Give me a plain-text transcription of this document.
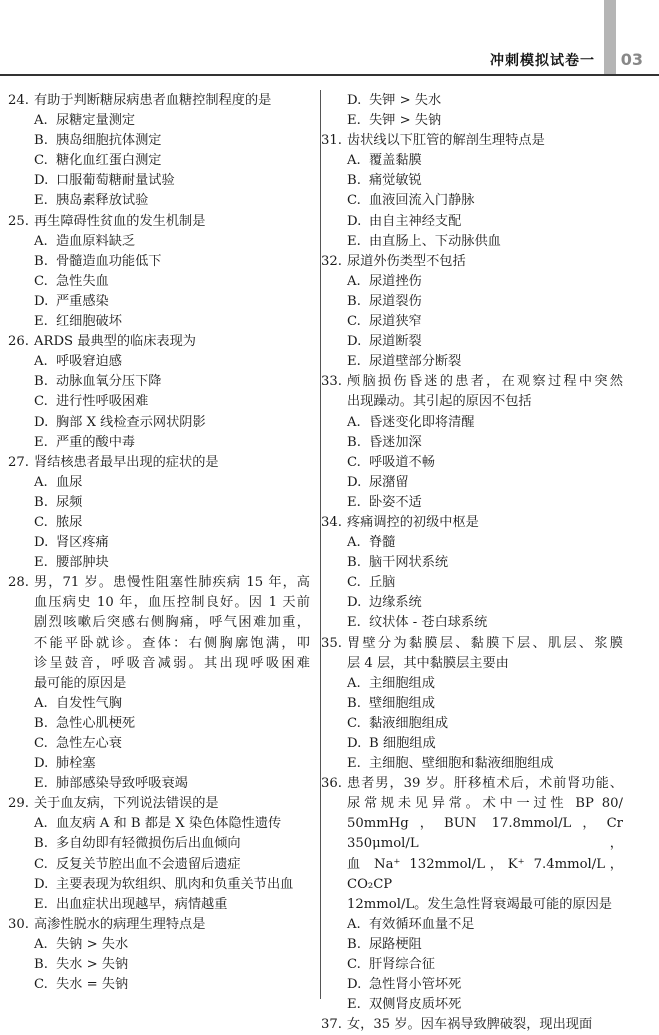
冲刺模拟试卷一 03
24. 有助于判断糖尿病患者血糖控制程度的是
A. 尿糖定量测定
B. 胰岛细胞抗体测定
C. 糖化血红蛋白测定
D. 口服葡萄糖耐量试验
E. 胰岛素释放试验
25. 再生障碍性贫血的发生机制是
A. 造血原料缺乏
B. 骨髓造血功能低下
C. 急性失血
D. 严重感染
E. 红细胞破坏
26. ARDS 最典型的临床表现为
A. 呼吸窘迫感
B. 动脉血氧分压下降
C. 进行性呼吸困难
D. 胸部 X 线检查示网状阴影
E. 严重的酸中毒
27. 肾结核患者最早出现的症状的是
A. 血尿
B. 尿频
C. 脓尿
D. 肾区疼痛
E. 腰部肿块
28. 男，71 岁。患慢性阻塞性肺疾病 15 年，高
血压病史 10 年，血压控制良好。因 1 天前
剧烈咳嗽后突感右侧胸痛，呼气困难加重，
不能平卧就诊。查体：右侧胸廓饱满，叩
诊呈鼓音，呼吸音减弱。其出现呼吸困难
最可能的原因是
A. 自发性气胸
B. 急性心肌梗死
C. 急性左心衰
D. 肺栓塞
E. 肺部感染导致呼吸衰竭
29. 关于血友病，下列说法错误的是
A. 血友病 A 和 B 都是 X 染色体隐性遗传
B. 多自幼即有轻微损伤后出血倾向
C. 反复关节腔出血不会遗留后遗症
D. 主要表现为软组织、肌肉和负重关节出血
E. 出血症状出现越早，病情越重
30. 高渗性脱水的病理生理特点是
A. 失钠 > 失水
B. 失水 > 失钠
C. 失水 = 失钠
D. 失钾 > 失水
E. 失钾 > 失钠
31. 齿状线以下肛管的解剖生理特点是
A. 覆盖黏膜
B. 痛觉敏锐
C. 血液回流入门静脉
D. 由自主神经支配
E. 由直肠上、下动脉供血
32. 尿道外伤类型不包括
A. 尿道挫伤
B. 尿道裂伤
C. 尿道狭窄
D. 尿道断裂
E. 尿道壁部分断裂
33. 颅脑损伤昏迷的患者，在观察过程中突然
出现躁动。其引起的原因不包括
A. 昏迷变化即将清醒
B. 昏迷加深
C. 呼吸道不畅
D. 尿潴留
E. 卧姿不适
34. 疼痛调控的初级中枢是
A. 脊髓
B. 脑干网状系统
C. 丘脑
D. 边缘系统
E. 纹状体 - 苍白球系统
35. 胃壁分为黏膜层、黏膜下层、肌层、浆膜
层 4 层，其中黏膜层主要由
A. 主细胞组成
B. 壁细胞组成
C. 黏液细胞组成
D. B 细胞组成
E. 主细胞、壁细胞和黏液细胞组成
36. 患者男，39 岁。肝移植术后，术前肾功能、
尿常规未见异常。术中一过性 BP 80/
50mmHg，BUN 17.8mmol/L，Cr 350μmol/L，
血 Na⁺ 132mmol/L，K⁺ 7.4mmol/L，CO₂CP
12mmol/L。发生急性肾衰竭最可能的原因是
A. 有效循环血量不足
B. 尿路梗阻
C. 肝肾综合征
D. 急性肾小管坏死
E. 双侧肾皮质坏死
37. 女，35 岁。因车祸导致脾破裂，现出现面
